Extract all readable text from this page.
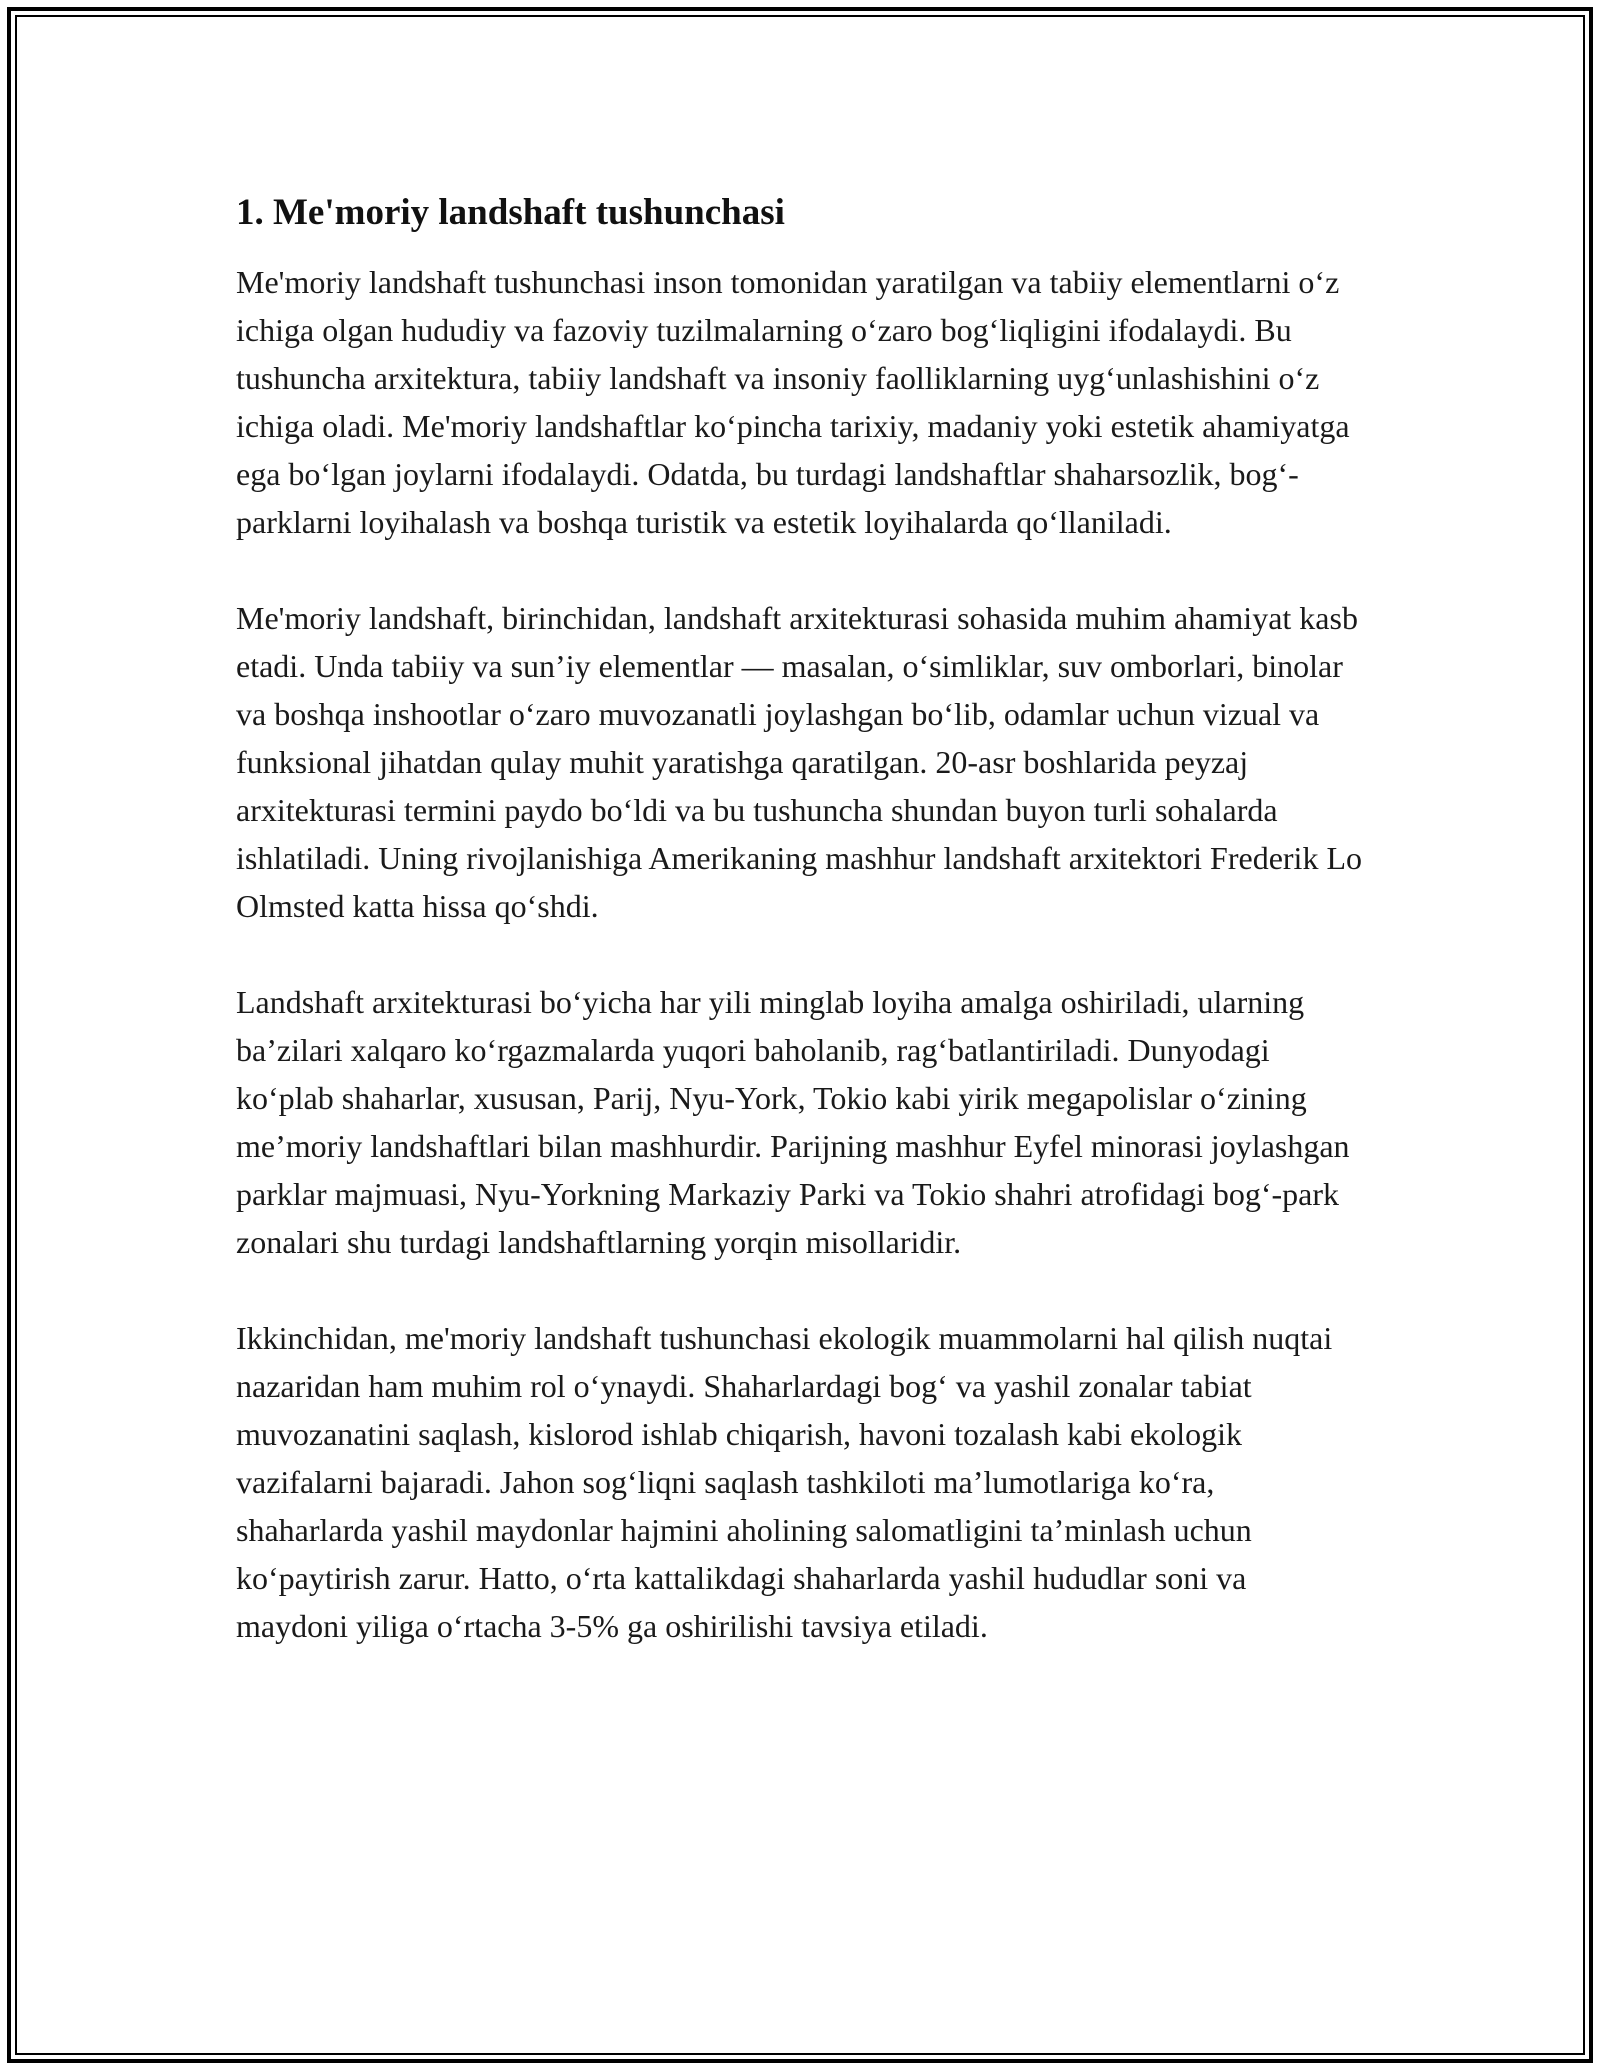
1. Me'moriy landshaft tushunchasi

Me'moriy landshaft tushunchasi inson tomonidan yaratilgan va tabiiy elementlarni o‘z ichiga olgan hududiy va fazoviy tuzilmalarning o‘zaro bog‘liqligini ifodalaydi. Bu tushuncha arxitektura, tabiiy landshaft va insoniy faolliklarning uyg‘unlashishini o‘z ichiga oladi. Me'moriy landshaftlar ko‘pincha tarixiy, madaniy yoki estetik ahamiyatga ega bo‘lgan joylarni ifodalaydi. Odatda, bu turdagi landshaftlar shaharsozlik, bog‘-parklarni loyihalash va boshqa turistik va estetik loyihalarda qo‘llaniladi.

Me'moriy landshaft, birinchidan, landshaft arxitekturasi sohasida muhim ahamiyat kasb etadi. Unda tabiiy va sun’iy elementlar — masalan, o‘simliklar, suv omborlari, binolar va boshqa inshootlar o‘zaro muvozanatli joylashgan bo‘lib, odamlar uchun vizual va funksional jihatdan qulay muhit yaratishga qaratilgan. 20-asr boshlarida peyzaj arxitekturasi termini paydo bo‘ldi va bu tushuncha shundan buyon turli sohalarda ishlatiladi. Uning rivojlanishiga Amerikaning mashhur landshaft arxitektori Frederik Lo Olmsted katta hissa qo‘shdi.

Landshaft arxitekturasi bo‘yicha har yili minglab loyiha amalga oshiriladi, ularning ba’zilari xalqaro ko‘rgazmalarda yuqori baholanib, rag‘batlantiriladi. Dunyodagi ko‘plab shaharlar, xususan, Parij, Nyu-York, Tokio kabi yirik megapolislar o‘zining me’moriy landshaftlari bilan mashhurdir. Parijning mashhur Eyfel minorasi joylashgan parklar majmuasi, Nyu-Yorkning Markaziy Parki va Tokio shahri atrofidagi bog‘-park zonalari shu turdagi landshaftlarning yorqin misollaridir.

Ikkinchidan, me'moriy landshaft tushunchasi ekologik muammolarni hal qilish nuqtai nazaridan ham muhim rol o‘ynaydi. Shaharlardagi bog‘ va yashil zonalar tabiat muvozanatini saqlash, kislorod ishlab chiqarish, havoni tozalash kabi ekologik vazifalarni bajaradi. Jahon sog‘liqni saqlash tashkiloti ma’lumotlariga ko‘ra, shaharlarda yashil maydonlar hajmini aholining salomatligini ta’minlash uchun ko‘paytirish zarur. Hatto, o‘rta kattalikdagi shaharlarda yashil hududlar soni va maydoni yiligа o‘rtacha 3-5% ga oshirilishi tavsiya etiladi.
